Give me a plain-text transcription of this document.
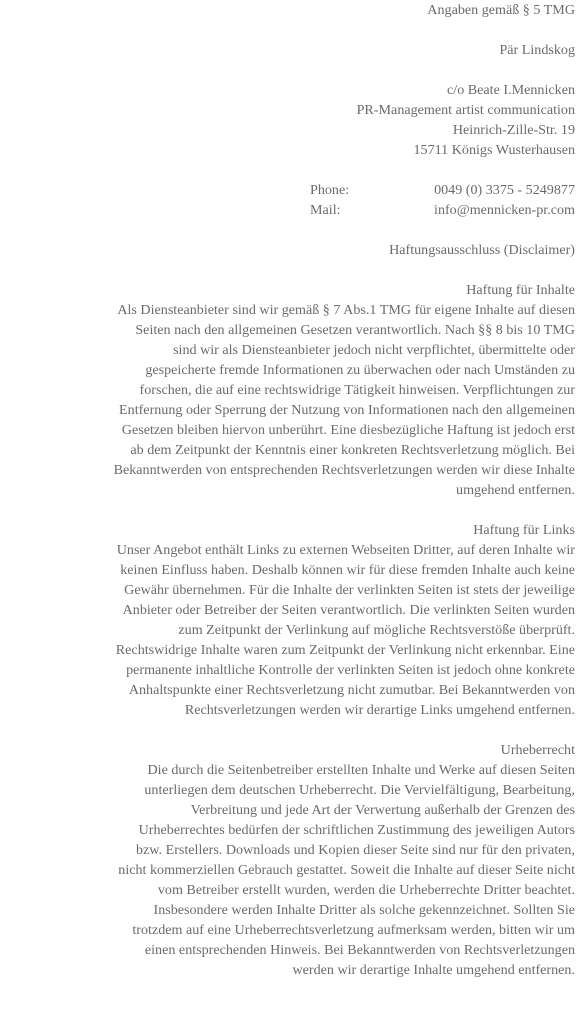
Angaben gemäß § 5 TMG
Pär Lindskog
c/o Beate I.Mennicken
PR-Management artist communication
Heinrich-Zille-Str. 19
15711 Königs Wusterhausen
Phone:	0049 (0) 3375 - 5249877
Mail:	info@mennicken-pr.com
Haftungsausschluss (Disclaimer)
Haftung für Inhalte
Als Diensteanbieter sind wir gemäß § 7 Abs.1 TMG für eigene Inhalte auf diesen
Seiten nach den allgemeinen Gesetzen verantwortlich. Nach §§ 8 bis 10 TMG
sind wir als Diensteanbieter jedoch nicht verpflichtet, übermittelte oder
gespeicherte fremde Informationen zu überwachen oder nach Umständen zu
forschen, die auf eine rechtswidrige Tätigkeit hinweisen. Verpflichtungen zur
Entfernung oder Sperrung der Nutzung von Informationen nach den allgemeinen
Gesetzen bleiben hiervon unberührt. Eine diesbezügliche Haftung ist jedoch erst
ab dem Zeitpunkt der Kenntnis einer konkreten Rechtsverletzung möglich. Bei
Bekanntwerden von entsprechenden Rechtsverletzungen werden wir diese Inhalte
umgehend entfernen.
Haftung für Links
Unser Angebot enthält Links zu externen Webseiten Dritter, auf deren Inhalte wir
keinen Einfluss haben. Deshalb können wir für diese fremden Inhalte auch keine
Gewähr übernehmen. Für die Inhalte der verlinkten Seiten ist stets der jeweilige
Anbieter oder Betreiber der Seiten verantwortlich. Die verlinkten Seiten wurden
zum Zeitpunkt der Verlinkung auf mögliche Rechtsverstöße überprüft.
Rechtswidrige Inhalte waren zum Zeitpunkt der Verlinkung nicht erkennbar. Eine
permanente inhaltliche Kontrolle der verlinkten Seiten ist jedoch ohne konkrete
Anhaltspunkte einer Rechtsverletzung nicht zumutbar. Bei Bekanntwerden von
Rechtsverletzungen werden wir derartige Links umgehend entfernen.
Urheberrecht
Die durch die Seitenbetreiber erstellten Inhalte und Werke auf diesen Seiten
unterliegen dem deutschen Urheberrecht. Die Vervielfältigung, Bearbeitung,
Verbreitung und jede Art der Verwertung außerhalb der Grenzen des
Urheberrechtes bedürfen der schriftlichen Zustimmung des jeweiligen Autors
bzw. Erstellers. Downloads und Kopien dieser Seite sind nur für den privaten,
nicht kommerziellen Gebrauch gestattet. Soweit die Inhalte auf dieser Seite nicht
vom Betreiber erstellt wurden, werden die Urheberrechte Dritter beachtet.
Insbesondere werden Inhalte Dritter als solche gekennzeichnet. Sollten Sie
trotzdem auf eine Urheberrechtsverletzung aufmerksam werden, bitten wir um
einen entsprechenden Hinweis. Bei Bekanntwerden von Rechtsverletzungen
werden wir derartige Inhalte umgehend entfernen.
